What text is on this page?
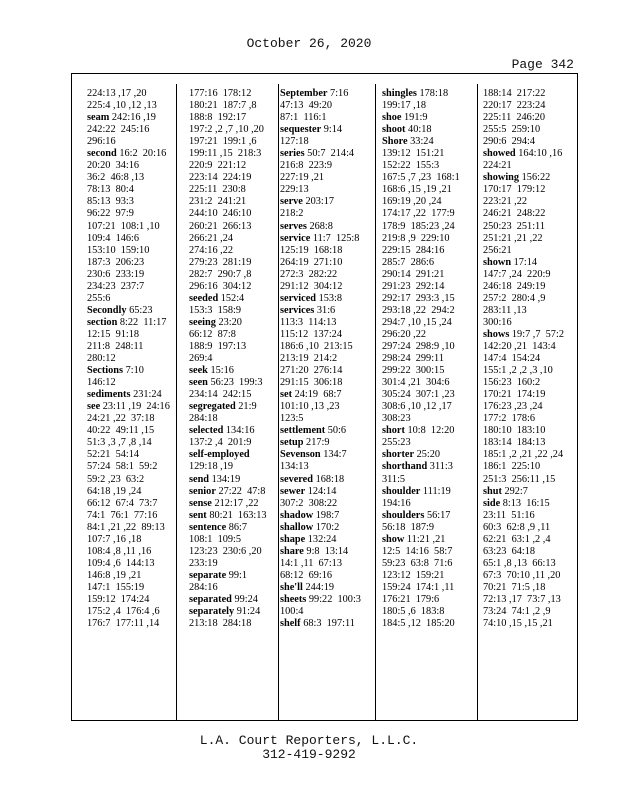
October 26, 2020
Page 342
224:13 ,17 ,20
225:4 ,10 ,12 ,13
seam 242:16 ,19
242:22  245:16
296:16
second 16:2  20:16
20:20  34:16
36:2  46:8 ,13
78:13  80:4
85:13  93:3
96:22  97:9
107:21  108:1 ,10
109:4  146:6
153:10  159:10
187:3  206:23
230:6  233:19
234:23  237:7
255:6
Secondly 65:23
section 8:22  11:17
12:15  91:18
211:8  248:11
280:12
Sections 7:10
146:12
sediments 231:24
see 23:11 ,19  24:16
24:21 ,22  37:18
40:22  49:11 ,15
51:3 ,3 ,7 ,8 ,14
52:21  54:14
57:24  58:1  59:2
59:2 ,23  63:2
64:18 ,19 ,24
66:12  67:4  73:7
74:1  76:1  77:16
84:1 ,21 ,22  89:13
107:7 ,16 ,18
108:4 ,8 ,11 ,16
109:4 ,6  144:13
146:8 ,19 ,21
147:1  155:19
159:12  174:24
175:2 ,4  176:4 ,6
176:7  177:11 ,14
177:16  178:12
180:21  187:7 ,8
188:8  192:17
197:2 ,2 ,7 ,10 ,20
197:21  199:1 ,6
199:11 ,15  218:3
220:9  221:12
223:14  224:19
225:11  230:8
231:2  241:21
244:10  246:10
260:21  266:13
266:21 ,24
274:16 ,22
279:23  281:19
282:7  290:7 ,8
296:16  304:12
seeded 152:4
153:3  158:9
seeing 23:20
66:12  87:8
188:9  197:13
269:4
seek 15:16
seen 56:23  199:3
234:14  242:15
segregated 21:9
284:18
selected 134:16
137:2 ,4  201:9
self-employed
129:18 ,19
send 134:19
senior 27:22  47:8
sense 212:17 ,22
sent 80:21  163:13
sentence 86:7
108:1  109:5
123:23  230:6 ,20
233:19
separate 99:1
284:16
separated 99:24
separately 91:24
213:18  284:18
September 7:16
47:13  49:20
87:1  116:1
sequester 9:14
127:18
series 50:7  214:4
216:8  223:9
227:19 ,21
229:13
serve 203:17
218:2
serves 268:8
service 11:7  125:8
125:19  168:18
264:19  271:10
272:3  282:22
291:12  304:12
serviced 153:8
services 31:6
113:3  114:13
115:12  137:24
186:6 ,10  213:15
213:19  214:2
271:20  276:14
291:15  306:18
set 24:19  68:7
101:10 ,13 ,23
123:5
settlement 50:6
setup 217:9
Sevenson 134:7
134:13
severed 168:18
sewer 124:14
307:2  308:22
shadow 198:7
shallow 170:2
shape 132:24
share 9:8  13:14
14:1 ,11  67:13
68:12  69:16
she'll 244:19
sheets 99:22  100:3
100:4
shelf 68:3  197:11
shingles 178:18
199:17 ,18
shoe 191:9
shoot 40:18
Shore 33:24
139:12  151:21
152:22  155:3
167:5 ,7 ,23  168:1
168:6 ,15 ,19 ,21
169:19 ,20 ,24
174:17 ,22  177:9
178:9  185:23 ,24
219:8 ,9  229:10
229:15  284:16
285:7  286:6
290:14  291:21
291:23  292:14
292:17  293:3 ,15
293:18 ,22  294:2
294:7 ,10 ,15 ,24
296:20 ,22
297:24  298:9 ,10
298:24  299:11
299:22  300:15
301:4 ,21  304:6
305:24  307:1 ,23
308:6 ,10 ,12 ,17
308:23
short 10:8  12:20
255:23
shorter 25:20
shorthand 311:3
311:5
shoulder 111:19
194:16
shoulders 56:17
56:18  187:9
show 11:21 ,21
12:5  14:16  58:7
59:23  63:8  71:6
123:12  159:21
159:24  174:1 ,11
176:21  179:6
180:5 ,6  183:8
184:5 ,12  185:20
188:14  217:22
220:17  223:24
225:11  246:20
255:5  259:10
290:6  294:4
showed 164:10 ,16
224:21
showing 156:22
170:17  179:12
223:21 ,22
246:21  248:22
250:23  251:11
251:21 ,21 ,22
256:21
shown 17:14
147:7 ,24  220:9
246:18  249:19
257:2  280:4 ,9
283:11 ,13
300:16
shows 19:7 ,7  57:2
142:20 ,21  143:4
147:4  154:24
155:1 ,2 ,2 ,3 ,10
156:23  160:2
170:21  174:19
176:23 ,23 ,24
177:2  178:6
180:10  183:10
183:14  184:13
185:1 ,2 ,21 ,22 ,24
186:1  225:10
251:3  256:11 ,15
shut 292:7
side 8:13  16:15
23:11  51:16
60:3  62:8 ,9 ,11
62:21  63:1 ,2 ,4
63:23  64:18
65:1 ,8 ,13  66:13
67:3  70:10 ,11 ,20
70:21  71:5 ,18
72:13 ,17  73:7 ,13
73:24  74:1 ,2 ,9
74:10 ,15 ,15 ,21
L.A. Court Reporters, L.L.C.
312-419-9292
